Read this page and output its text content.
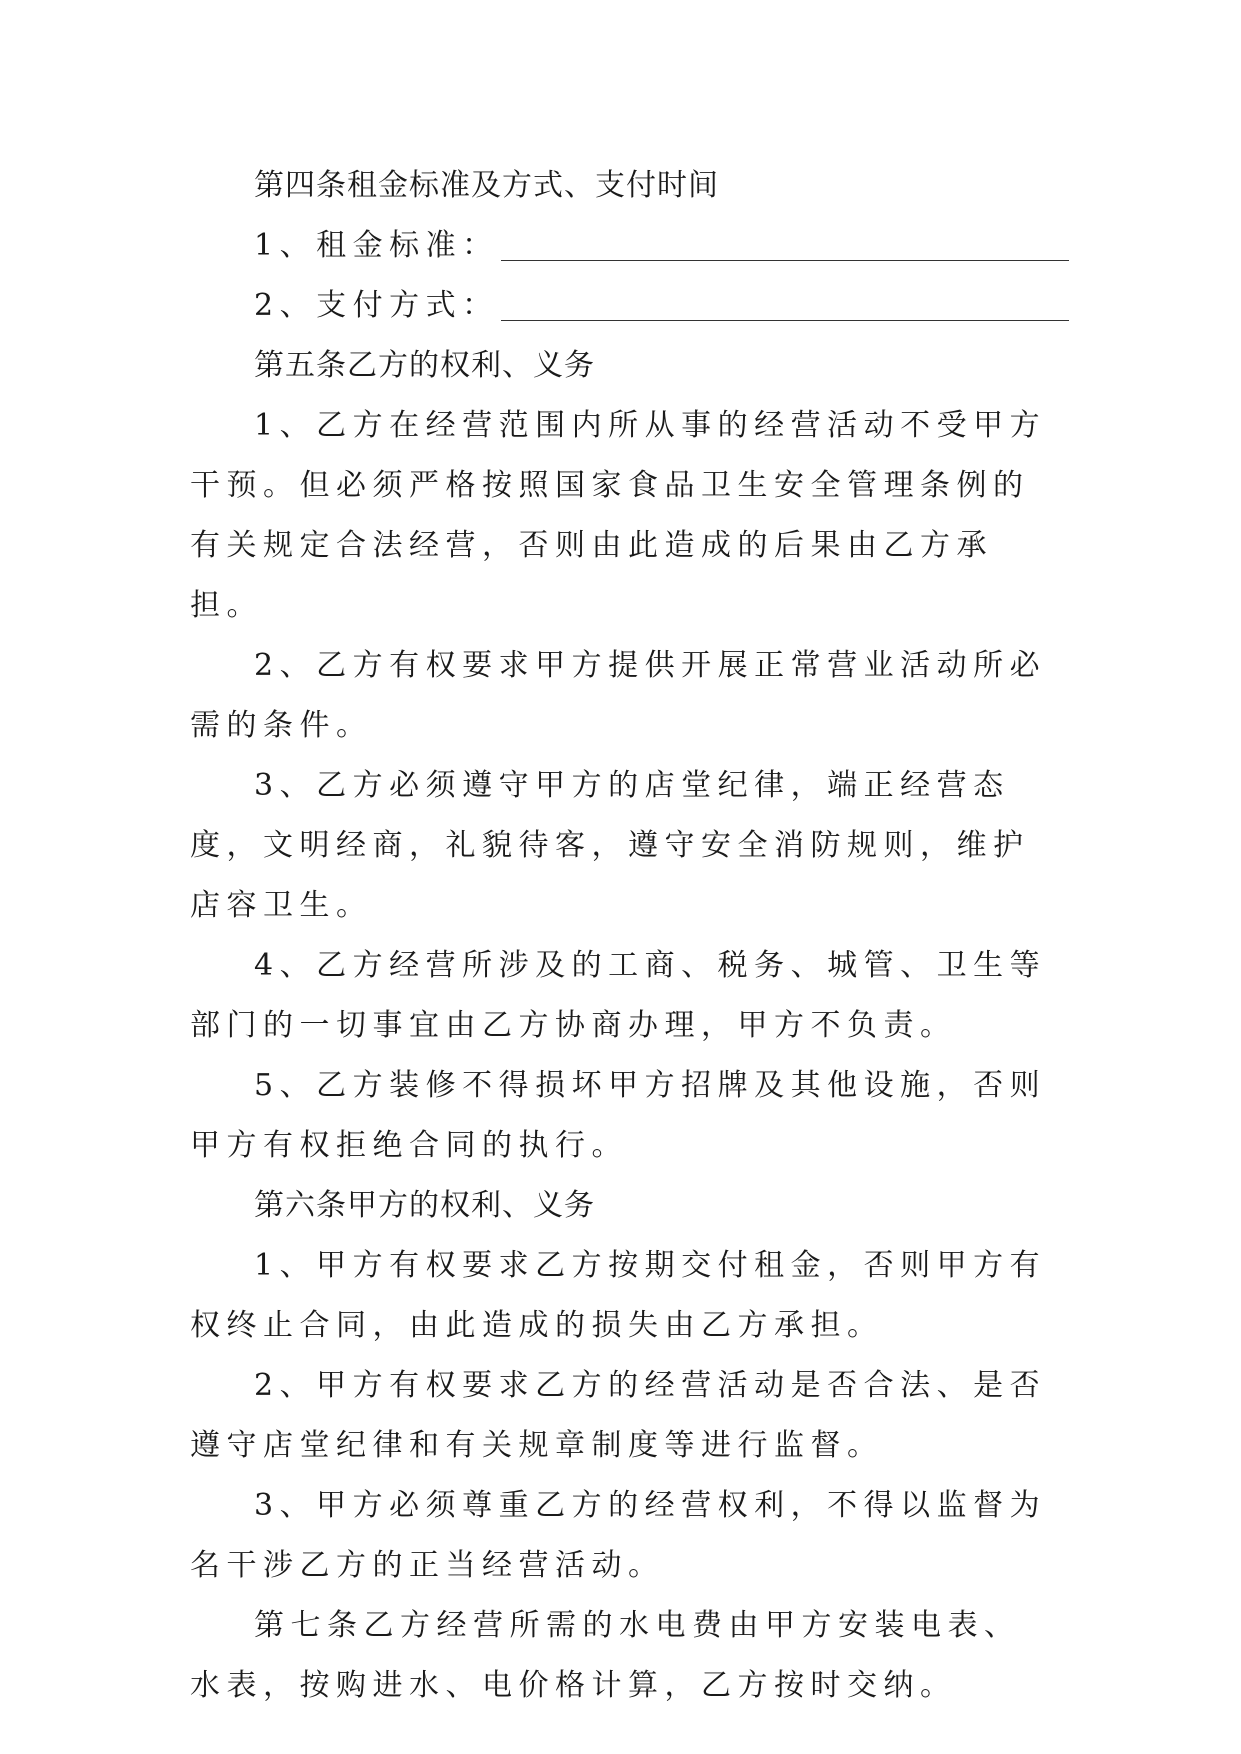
第四条租金标准及方式、支付时间

1、租金标准：
2、支付方式：

第五条乙方的权利、义务

1、乙方在经营范围内所从事的经营活动不受甲方干预。但必须严格按照国家食品卫生安全管理条例的有关规定合法经营，否则由此造成的后果由乙方承担。

2、乙方有权要求甲方提供开展正常营业活动所必需的条件。

3、乙方必须遵守甲方的店堂纪律，端正经营态度，文明经商，礼貌待客，遵守安全消防规则，维护店容卫生。

4、乙方经营所涉及的工商、税务、城管、卫生等部门的一切事宜由乙方协商办理，甲方不负责。

5、乙方装修不得损坏甲方招牌及其他设施，否则甲方有权拒绝合同的执行。

第六条甲方的权利、义务

1、甲方有权要求乙方按期交付租金，否则甲方有权终止合同，由此造成的损失由乙方承担。

2、甲方有权要求乙方的经营活动是否合法、是否遵守店堂纪律和有关规章制度等进行监督。

3、甲方必须尊重乙方的经营权利，不得以监督为名干涉乙方的正当经营活动。

第七条乙方经营所需的水电费由甲方安装电表、水表，按购进水、电价格计算，乙方按时交纳。
